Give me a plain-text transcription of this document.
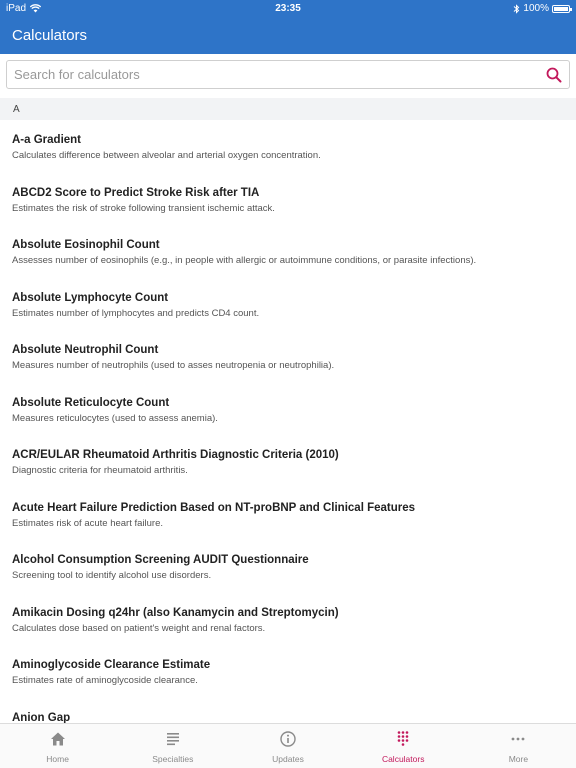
iPad	23:35	100%
Calculators
Search for calculators
A
A-a Gradient
Calculates difference between alveolar and arterial oxygen concentration.
ABCD2 Score to Predict Stroke Risk after TIA
Estimates the risk of stroke following transient ischemic attack.
Absolute Eosinophil Count
Assesses number of eosinophils (e.g., in people with allergic or autoimmune conditions, or parasite infections).
Absolute Lymphocyte Count
Estimates number of lymphocytes and predicts CD4 count.
Absolute Neutrophil Count
Measures number of neutrophils (used to asses neutropenia or neutrophilia).
Absolute Reticulocyte Count
Measures reticulocytes (used to assess anemia).
ACR/EULAR Rheumatoid Arthritis Diagnostic Criteria (2010)
Diagnostic criteria for rheumatoid arthritis.
Acute Heart Failure Prediction Based on NT-proBNP and Clinical Features
Estimates risk of acute heart failure.
Alcohol Consumption Screening AUDIT Questionnaire
Screening tool to identify alcohol use disorders.
Amikacin Dosing q24hr (also Kanamycin and Streptomycin)
Calculates dose based on patient's weight and renal factors.
Aminoglycoside Clearance Estimate
Estimates rate of aminoglycoside clearance.
Anion Gap
Home	Specialties	Updates	Calculators	More
